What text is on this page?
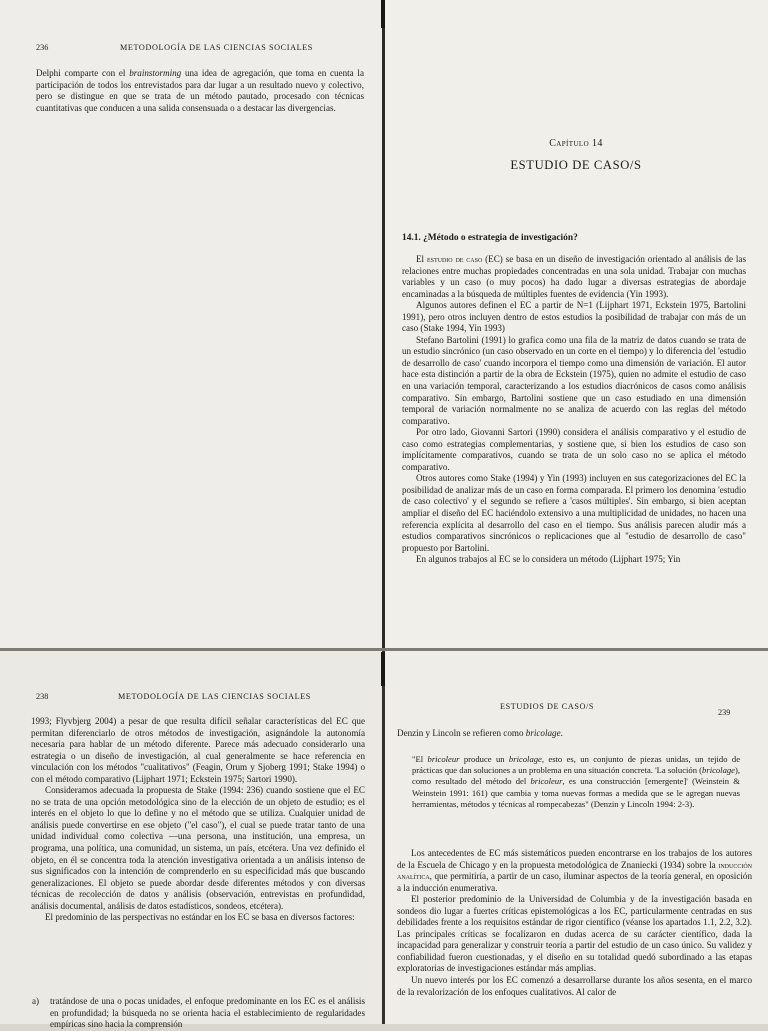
236	METODOLOGÍA DE LAS CIENCIAS SOCIALES

Delphi comparte con el brainstorming una idea de agregación, que toma en cuenta la participación de todos los entrevistados para dar lugar a un resultado nuevo y colectivo, pero se distingue en que se trata de un método pautado, procesado con técnicas cuantitativas que conducen a una salida consensuada o a destacar las divergencias.

Capítulo 14
ESTUDIO DE CASO/S
14.1. ¿Método o estrategia de investigación?

El estudio de caso (EC) se basa en un diseño de investigación orientado al análisis de las relaciones entre muchas propiedades concentradas en una sola unidad. Trabajar con muchas variables y un caso (o muy pocos) ha dado lugar a diversas estrategias de abordaje encaminadas a la búsqueda de múltiples fuentes de evidencia (Yin 1993).

Algunos autores definen el EC a partir de N=1 (Lijphart 1971, Eckstein 1975, Bartolini 1991), pero otros incluyen dentro de estos estudios la posibilidad de trabajar con más de un caso (Stake 1994, Yin 1993)

Stefano Bartolini (1991) lo grafica como una fila de la matriz de datos cuando se trata de un estudio sincrónico (un caso observado en un corte en el tiempo) y lo diferencia del 'estudio de desarrollo de caso' cuando incorpora el tiempo como una dimensión de variación. El autor hace esta distinción a partir de la obra de Eckstein (1975), quien no admite el estudio de caso en una variación temporal, caracterizando a los estudios diacrónicos de casos como análisis comparativo. Sin embargo, Bartolini sostiene que un caso estudiado en una dimensión temporal de variación normalmente no se analiza de acuerdo con las reglas del método comparativo.

Por otro lado, Giovanni Sartori (1990) considera el análisis comparativo y el estudio de caso como estrategias complementarias, y sostiene que, si bien los estudios de caso son implícitamente comparativos, cuando se trata de un solo caso no se aplica el método comparativo.

Otros autores como Stake (1994) y Yin (1993) incluyen en sus categorizaciones del EC la posibilidad de analizar más de un caso en forma comparada. El primero los denomina 'estudio de caso colectivo' y el segundo se refiere a 'casos múltiples'. Sin embargo, si bien aceptan ampliar el diseño del EC haciéndolo extensivo a una multiplicidad de unidades, no hacen una referencia explícita al desarrollo del caso en el tiempo. Sus análisis parecen aludir más a estudios comparativos sincrónicos o replicaciones que al "estudio de desarrollo de caso" propuesto por Bartolini.

En algunos trabajos al EC se lo considera un método (Lijphart 1975; Yin

238	METODOLOGÍA DE LAS CIENCIAS SOCIALES

1993; Flyvbjerg 2004) a pesar de que resulta difícil señalar características del EC que permitan diferenciarlo de otros métodos de investigación, asignándole la autonomía necesaria para hablar de un método diferente. Parece más adecuado considerarlo una estrategia o un diseño de investigación, al cual generalmente se hace referencia en vinculación con los métodos "cualitativos" (Feagin, Orum y Sjoberg 1991; Stake 1994) o con el método comparativo (Lijphart 1971; Eckstein 1975; Sartori 1990).

Consideramos adecuada la propuesta de Stake (1994: 236) cuando sostiene que el EC no se trata de una opción metodológica sino de la elección de un objeto de estudio; es el interés en el objeto lo que lo define y no el método que se utiliza. Cualquier unidad de análisis puede convertirse en ese objeto ("el caso"), el cual se puede tratar tanto de una unidad individual como colectiva —una persona, una institución, una empresa, un programa, una política, una comunidad, un sistema, un país, etcétera. Una vez definido el objeto, en él se concentra toda la atención investigativa orientada a un análisis intenso de sus significados con la intención de comprenderlo en su especificidad más que buscando generalizaciones. El objeto se puede abordar desde diferentes métodos y con diversas técnicas de recolección de datos y análisis (observación, entrevistas en profundidad, análisis documental, análisis de datos estadísticos, sondeos, etcétera).

El predominio de las perspectivas no estándar en los EC se basa en diversos factores:

a) tratándose de una o pocas unidades, el enfoque predominante en los EC es el análisis en profundidad; la búsqueda no se orienta hacia el establecimiento de regularidades empíricas sino hacia la comprensión
ESTUDIOS DE CASO/S
239

Denzin y Lincoln se refieren como bricolage.

"El bricoleur produce un bricolage, esto es, un conjunto de piezas unidas, un tejido de prácticas que dan soluciones a un problema en una situación concreta. 'La solución (bricolage), como resultado del método del bricoleur, es una construcción [emergente]' (Weinstein & Weinstein 1991: 161) que cambia y toma nuevas formas a medida que se le agregan nuevas herramientas, métodos y técnicas al rompecabezas" (Denzin y Lincoln 1994: 2-3).

Los antecedentes de EC más sistemáticos pueden encontrarse en los trabajos de los autores de la Escuela de Chicago y en la propuesta metodológica de Znaniecki (1934) sobre la inducción analítica, que permitiría, a partir de un caso, iluminar aspectos de la teoría general, en oposición a la inducción enumerativa.

El posterior predominio de la Universidad de Columbia y de la investigación basada en sondeos dio lugar a fuertes críticas epistemológicas a los EC, particularmente centradas en sus debilidades frente a los requisitos estándar de rigor científico (véanse los apartados 1.1, 2.2, 3.2). Las principales críticas se focalizaron en dudas acerca de su carácter científico, dada la incapacidad para generalizar y construir teoría a partir del estudio de un caso único. Su validez y confiabilidad fueron cuestionadas, y el diseño en su totalidad quedó subordinado a las etapas exploratorias de investigaciones estándar más amplias.

Un nuevo interés por los EC comenzó a desarrollarse durante los años sesenta, en el marco de la revalorización de los enfoques cualitativos. Al calor de
